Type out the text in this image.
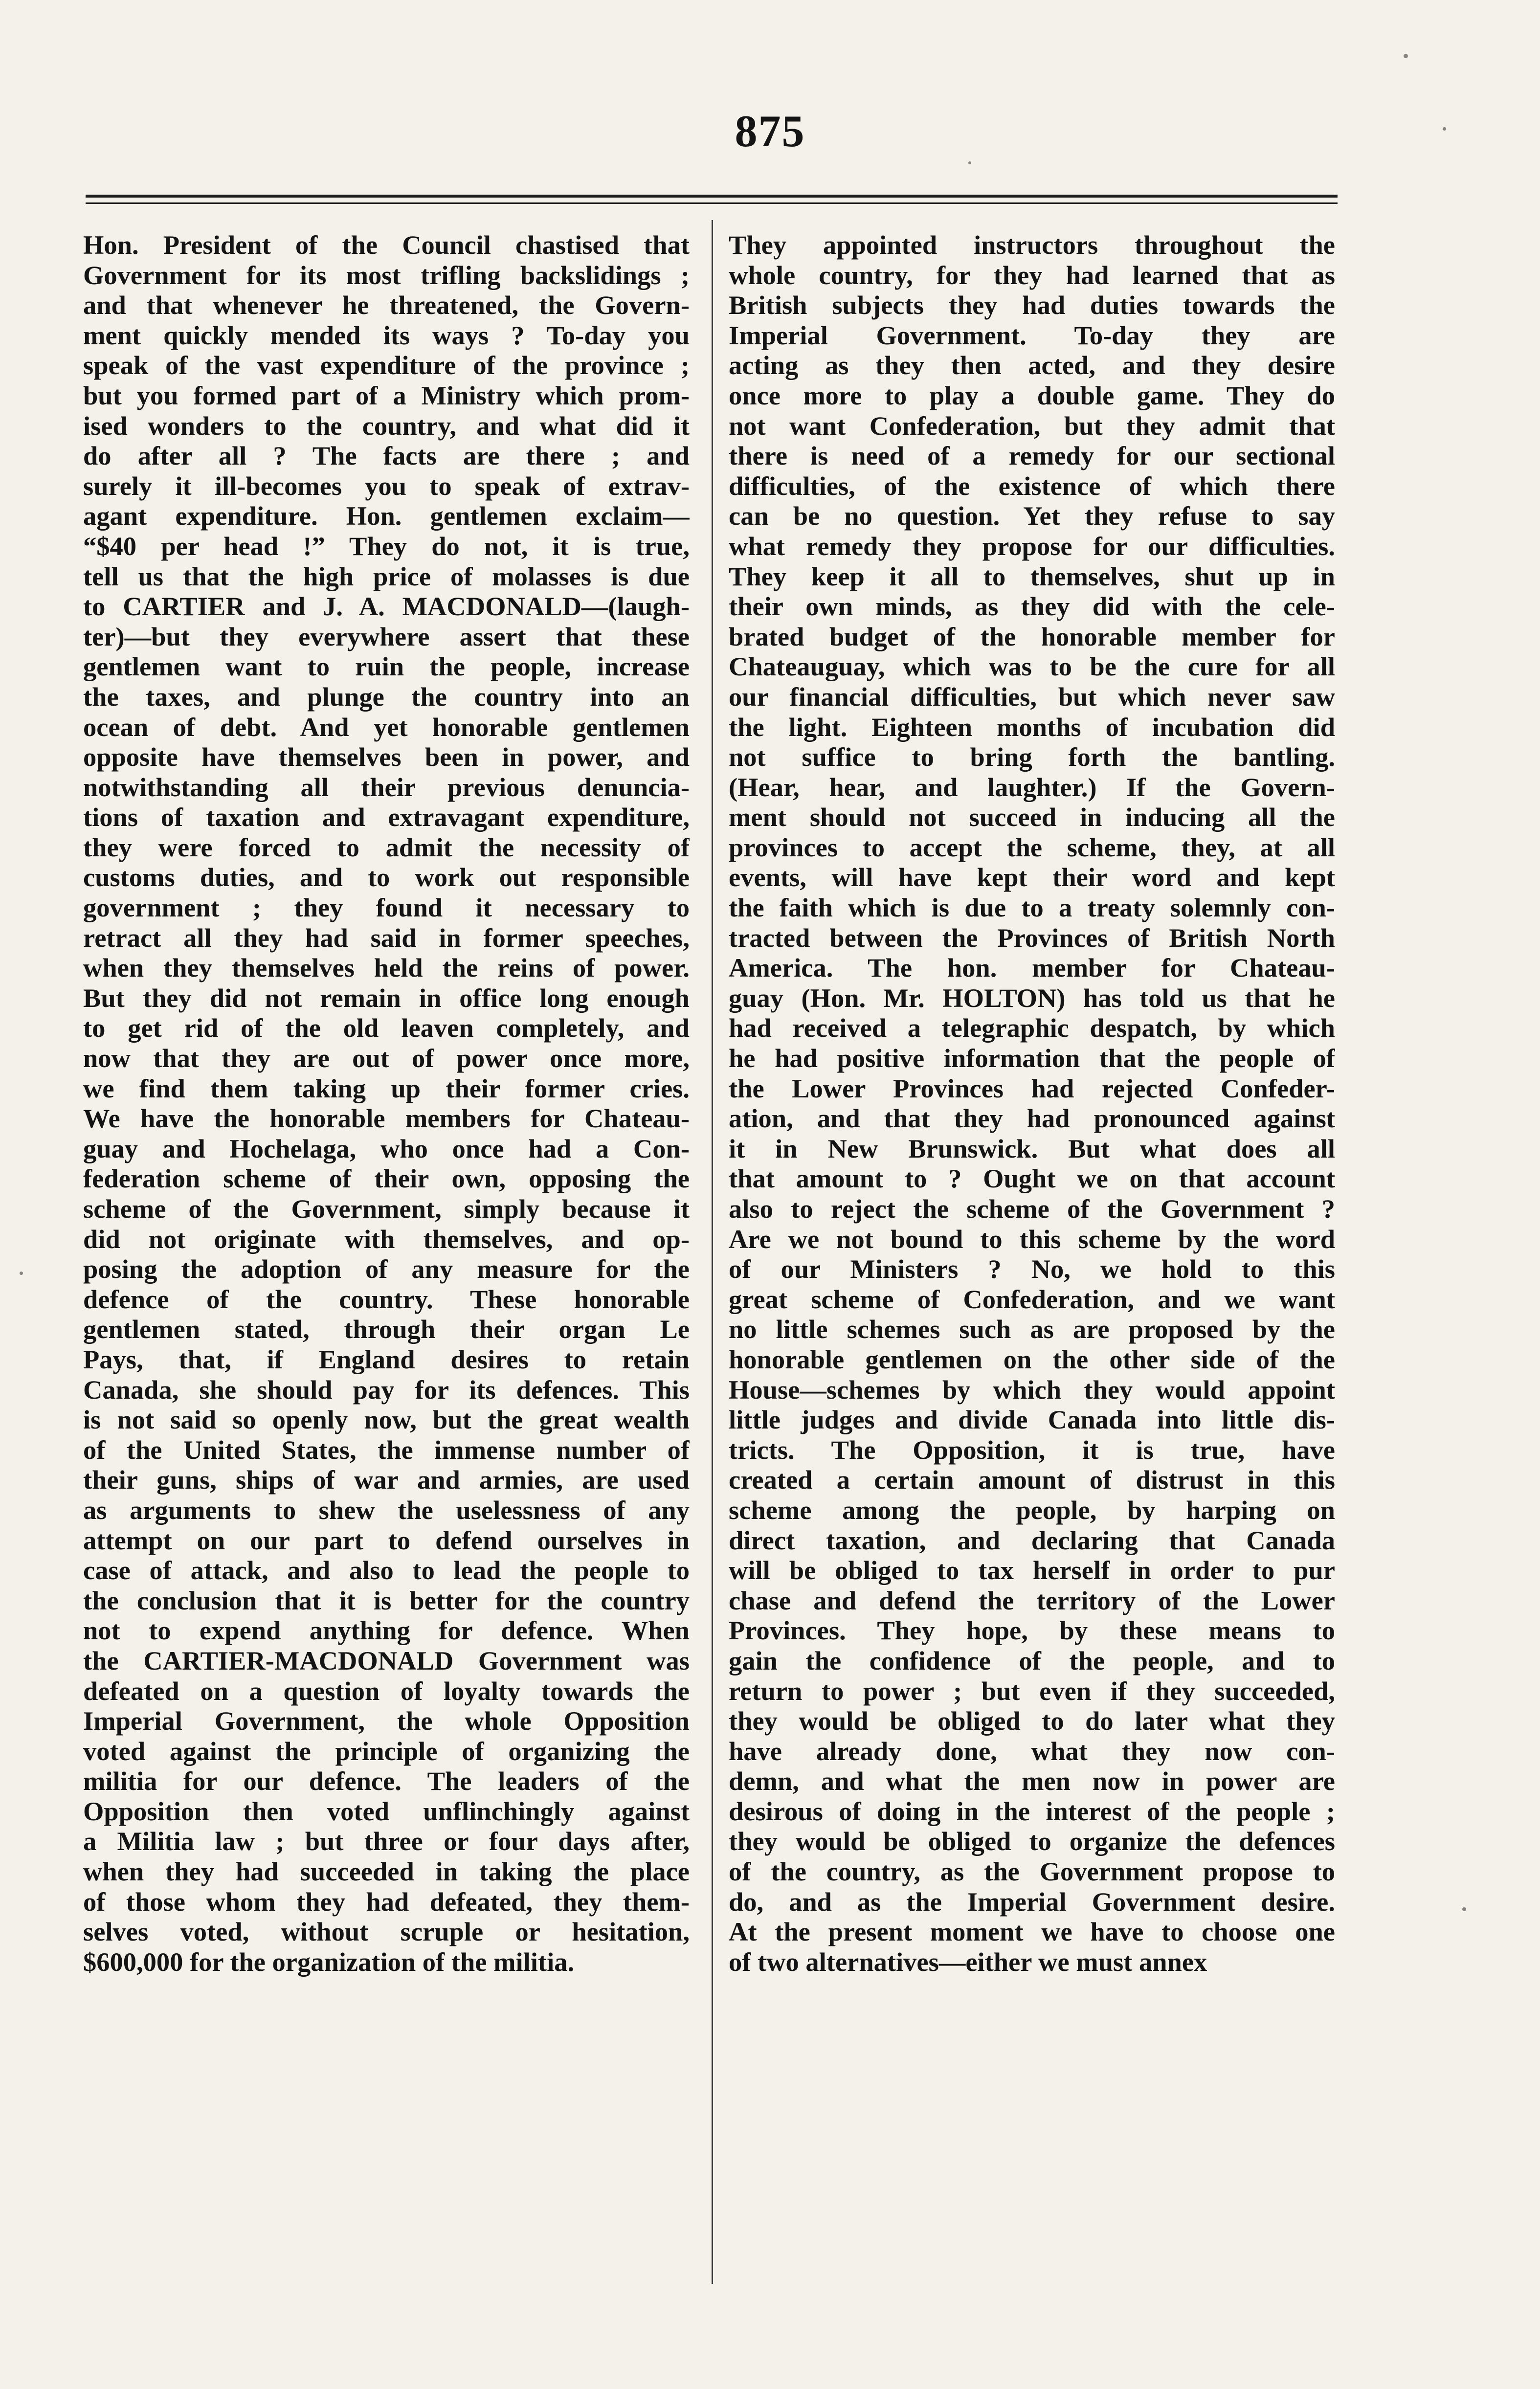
875
Hon. President of the Council chastised that
Government for its most trifling backslidings ;
and that whenever he threatened, the Govern-
ment quickly mended its ways ? To-day you
speak of the vast expenditure of the province ;
but you formed part of a Ministry which prom-
ised wonders to the country, and what did it
do after all ? The facts are there ; and
surely it ill-becomes you to speak of extrav-
agant expenditure. Hon. gentlemen exclaim—
“$40 per head !” They do not, it is true,
tell us that the high price of molasses is due
to CARTIER and J. A. MACDONALD—(laugh-
ter)—but they everywhere assert that these
gentlemen want to ruin the people, increase
the taxes, and plunge the country into an
ocean of debt. And yet honorable gentlemen
opposite have themselves been in power, and
notwithstanding all their previous denuncia-
tions of taxation and extravagant expenditure,
they were forced to admit the necessity of
customs duties, and to work out responsible
government ; they found it necessary to
retract all they had said in former speeches,
when they themselves held the reins of power.
But they did not remain in office long enough
to get rid of the old leaven completely, and
now that they are out of power once more,
we find them taking up their former cries.
We have the honorable members for Chateau-
guay and Hochelaga, who once had a Con-
federation scheme of their own, opposing the
scheme of the Government, simply because it
did not originate with themselves, and op-
posing the adoption of any measure for the
defence of the country. These honorable
gentlemen stated, through their organ Le
Pays, that, if England desires to retain
Canada, she should pay for its defences. This
is not said so openly now, but the great wealth
of the United States, the immense number of
their guns, ships of war and armies, are used
as arguments to shew the uselessness of any
attempt on our part to defend ourselves in
case of attack, and also to lead the people to
the conclusion that it is better for the country
not to expend anything for defence. When
the CARTIER-MACDONALD Government was
defeated on a question of loyalty towards the
Imperial Government, the whole Opposition
voted against the principle of organizing the
militia for our defence. The leaders of the
Opposition then voted unflinchingly against
a Militia law ; but three or four days after,
when they had succeeded in taking the place
of those whom they had defeated, they them-
selves voted, without scruple or hesitation,
$600,000 for the organization of the militia.
They appointed instructors throughout the
whole country, for they had learned that as
British subjects they had duties towards the
Imperial Government. To-day they are
acting as they then acted, and they desire
once more to play a double game. They do
not want Confederation, but they admit that
there is need of a remedy for our sectional
difficulties, of the existence of which there
can be no question. Yet they refuse to say
what remedy they propose for our difficulties.
They keep it all to themselves, shut up in
their own minds, as they did with the cele-
brated budget of the honorable member for
Chateauguay, which was to be the cure for all
our financial difficulties, but which never saw
the light. Eighteen months of incubation did
not suffice to bring forth the bantling.
(Hear, hear, and laughter.) If the Govern-
ment should not succeed in inducing all the
provinces to accept the scheme, they, at all
events, will have kept their word and kept
the faith which is due to a treaty solemnly con-
tracted between the Provinces of British North
America. The hon. member for Chateau-
guay (Hon. Mr. HOLTON) has told us that he
had received a telegraphic despatch, by which
he had positive information that the people of
the Lower Provinces had rejected Confeder-
ation, and that they had pronounced against
it in New Brunswick. But what does all
that amount to ? Ought we on that account
also to reject the scheme of the Government ?
Are we not bound to this scheme by the word
of our Ministers ? No, we hold to this
great scheme of Confederation, and we want
no little schemes such as are proposed by the
honorable gentlemen on the other side of the
House—schemes by which they would appoint
little judges and divide Canada into little dis-
tricts. The Opposition, it is true, have
created a certain amount of distrust in this
scheme among the people, by harping on
direct taxation, and declaring that Canada
will be obliged to tax herself in order to pur
chase and defend the territory of the Lower
Provinces. They hope, by these means to
gain the confidence of the people, and to
return to power ; but even if they succeeded,
they would be obliged to do later what they
have already done, what they now con-
demn, and what the men now in power are
desirous of doing in the interest of the people ;
they would be obliged to organize the defences
of the country, as the Government propose to
do, and as the Imperial Government desire.
At the present moment we have to choose one
of two alternatives—either we must annex
